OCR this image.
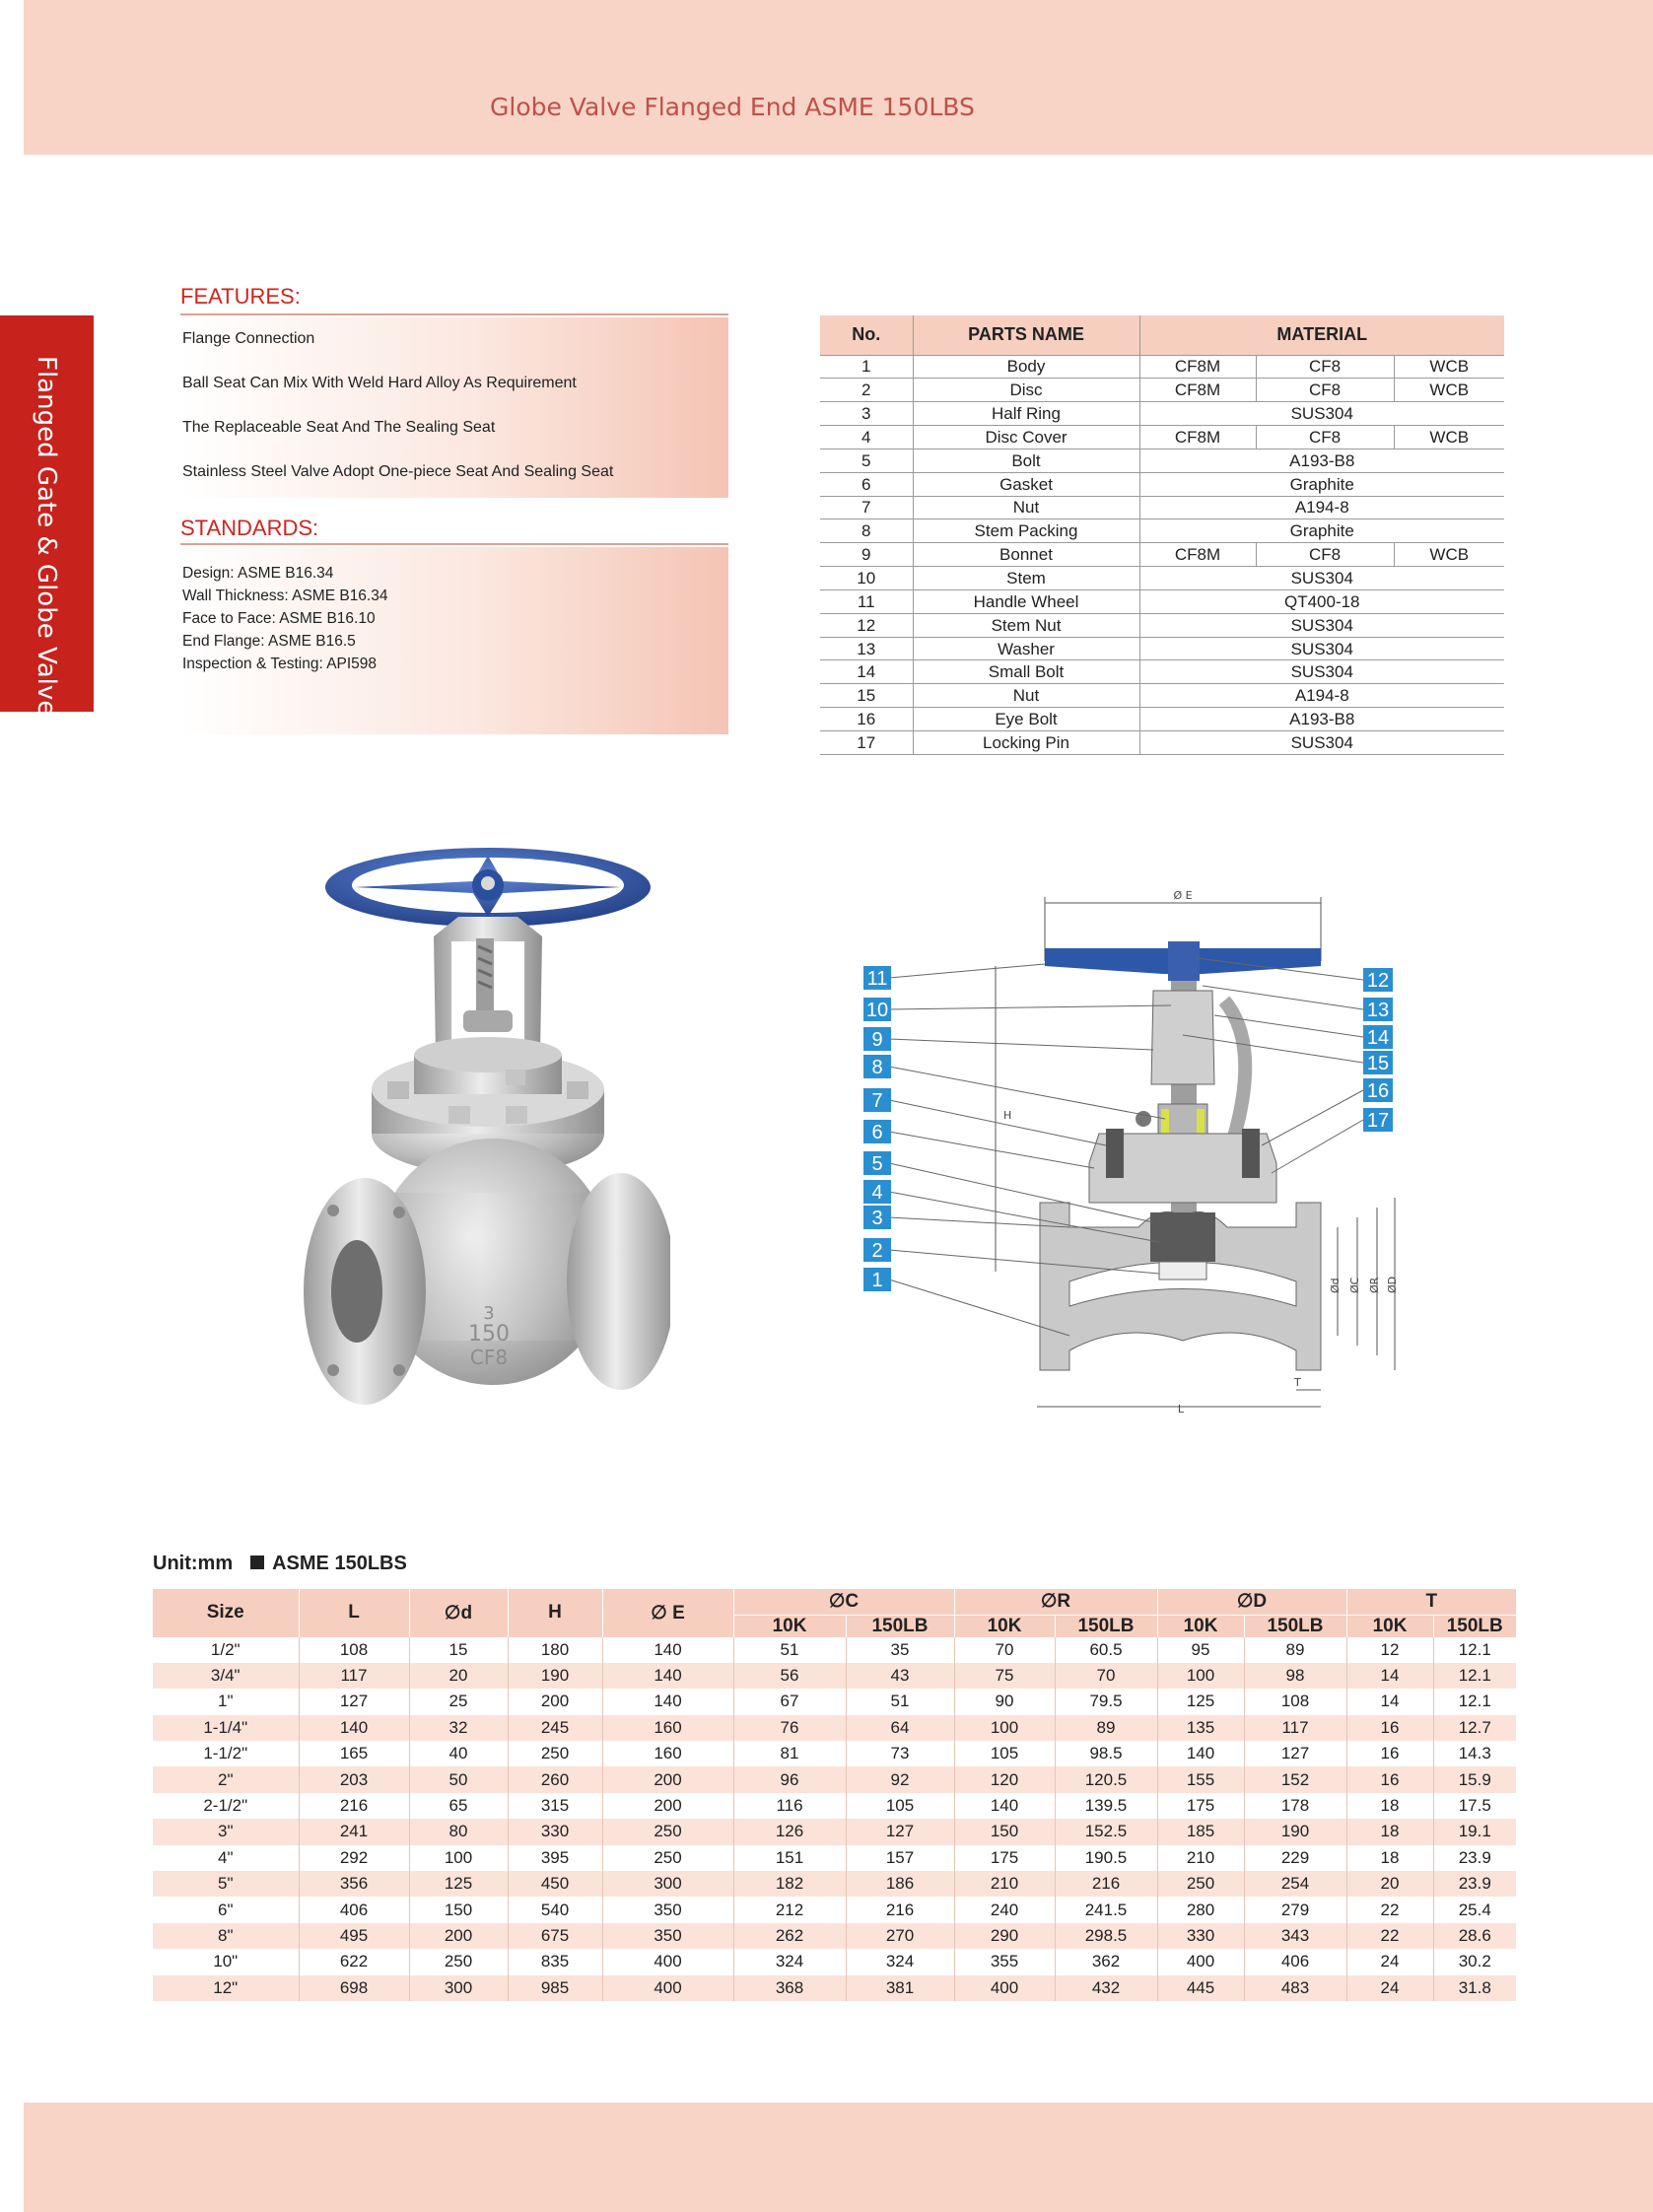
Globe Valve Flanged End ASME 150LBS
Flanged Gate & Globe Valves
FEATURES:
Flange Connection
Ball Seat Can Mix With Weld Hard Alloy As Requirement
The Replaceable Seat And The Sealing Seat
Stainless Steel Valve Adopt One-piece Seat And Sealing Seat
STANDARDS:
Design: ASME B16.34
Wall Thickness: ASME B16.34
Face to Face: ASME B16.10
End Flange: ASME B16.5
Inspection & Testing: API598
No.	PARTS NAME	MATERIAL		
1	Body	CF8M	CF8	WCB
2	Disc	CF8M	CF8	WCB
3	Half Ring	SUS304		
4	Disc Cover	CF8M	CF8	WCB
5	Bolt	A193-B8		
6	Gasket	Graphite		
7	Nut	A194-8		
8	Stem Packing	Graphite		
9	Bonnet	CF8M	CF8	WCB
10	Stem	SUS304		
11	Handle Wheel	QT400-18		
12	Stem Nut	SUS304		
13	Washer	SUS304		
14	Small Bolt	SUS304		
15	Nut	A194-8		
16	Eye Bolt	A193-B8		
17	Locking Pin	SUS304		
3
150
CF8
Ø E
H
L
T
Ød ØC ØR ØD
11
10
9
8
7
6
5
4
3
2
1
12
13
14
15
16
17
Unit:mm ASME 150LBS
Size	L	∅d	H	∅ E	∅C		∅R		∅D		T	
					10K	150LB	10K	150LB	10K	150LB	10K	150LB
1/2"	108	15	180	140	51	35	70	60.5	95	89	12	12.1
3/4"	117	20	190	140	56	43	75	70	100	98	14	12.1
1"	127	25	200	140	67	51	90	79.5	125	108	14	12.1
1-1/4"	140	32	245	160	76	64	100	89	135	117	16	12.7
1-1/2"	165	40	250	160	81	73	105	98.5	140	127	16	14.3
2"	203	50	260	200	96	92	120	120.5	155	152	16	15.9
2-1/2"	216	65	315	200	116	105	140	139.5	175	178	18	17.5
3"	241	80	330	250	126	127	150	152.5	185	190	18	19.1
4"	292	100	395	250	151	157	175	190.5	210	229	18	23.9
5"	356	125	450	300	182	186	210	216	250	254	20	23.9
6"	406	150	540	350	212	216	240	241.5	280	279	22	25.4
8"	495	200	675	350	262	270	290	298.5	330	343	22	28.6
10"	622	250	835	400	324	324	355	362	400	406	24	30.2
12"	698	300	985	400	368	381	400	432	445	483	24	31.8
